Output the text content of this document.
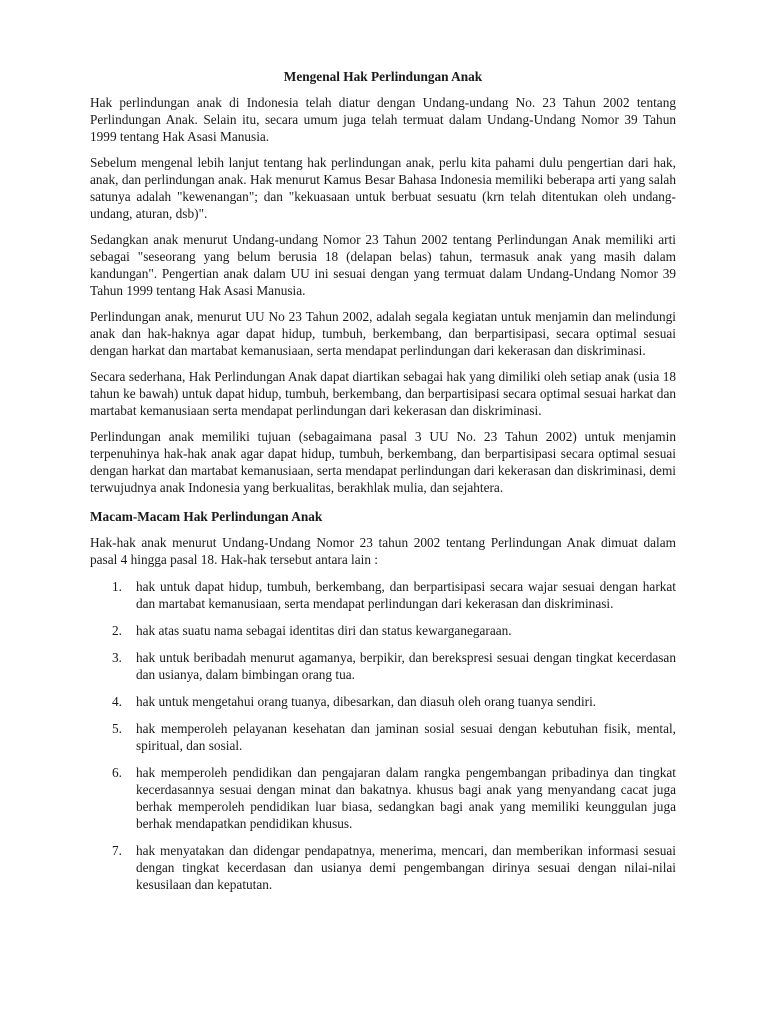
Mengenal Hak Perlindungan Anak

Hak perlindungan anak di Indonesia telah diatur dengan Undang-undang No. 23 Tahun 2002 tentang Perlindungan Anak. Selain itu, secara umum juga telah termuat dalam Undang-Undang Nomor 39 Tahun 1999 tentang Hak Asasi Manusia.

Sebelum mengenal lebih lanjut tentang hak perlindungan anak, perlu kita pahami dulu pengertian dari hak, anak, dan perlindungan anak. Hak menurut Kamus Besar Bahasa Indonesia memiliki beberapa arti yang salah satunya adalah "kewenangan"; dan "kekuasaan untuk berbuat sesuatu (krn telah ditentukan oleh undang-undang, aturan, dsb)".

Sedangkan anak menurut Undang-undang Nomor 23 Tahun 2002 tentang Perlindungan Anak memiliki arti sebagai "seseorang yang belum berusia 18 (delapan belas) tahun, termasuk anak yang masih dalam kandungan". Pengertian anak dalam UU ini sesuai dengan yang termuat dalam Undang-Undang Nomor 39 Tahun 1999 tentang Hak Asasi Manusia.

Perlindungan anak, menurut UU No 23 Tahun 2002, adalah segala kegiatan untuk menjamin dan melindungi anak dan hak-haknya agar dapat hidup, tumbuh, berkembang, dan berpartisipasi, secara optimal sesuai dengan harkat dan martabat kemanusiaan, serta mendapat perlindungan dari kekerasan dan diskriminasi.

Secara sederhana, Hak Perlindungan Anak dapat diartikan sebagai hak yang dimiliki oleh setiap anak (usia 18 tahun ke bawah) untuk dapat hidup, tumbuh, berkembang, dan berpartisipasi secara optimal sesuai harkat dan martabat kemanusiaan serta mendapat perlindungan dari kekerasan dan diskriminasi.

Perlindungan anak memiliki tujuan (sebagaimana pasal 3 UU No. 23 Tahun 2002) untuk menjamin terpenuhinya hak-hak anak agar dapat hidup, tumbuh, berkembang, dan berpartisipasi secara optimal sesuai dengan harkat dan martabat kemanusiaan, serta mendapat perlindungan dari kekerasan dan diskriminasi, demi terwujudnya anak Indonesia yang berkualitas, berakhlak mulia, dan sejahtera.

Macam-Macam Hak Perlindungan Anak

Hak-hak anak menurut Undang-Undang Nomor 23 tahun 2002 tentang Perlindungan Anak dimuat dalam pasal 4 hingga pasal 18. Hak-hak tersebut antara lain :

1. hak untuk dapat hidup, tumbuh, berkembang, dan berpartisipasi secara wajar sesuai dengan harkat dan martabat kemanusiaan, serta mendapat perlindungan dari kekerasan dan diskriminasi.
2. hak atas suatu nama sebagai identitas diri dan status kewarganegaraan.
3. hak untuk beribadah menurut agamanya, berpikir, dan berekspresi sesuai dengan tingkat kecerdasan dan usianya, dalam bimbingan orang tua.
4. hak untuk mengetahui orang tuanya, dibesarkan, dan diasuh oleh orang tuanya sendiri.
5. hak memperoleh pelayanan kesehatan dan jaminan sosial sesuai dengan kebutuhan fisik, mental, spiritual, dan sosial.
6. hak memperoleh pendidikan dan pengajaran dalam rangka pengembangan pribadinya dan tingkat kecerdasannya sesuai dengan minat dan bakatnya. khusus bagi anak yang menyandang cacat juga berhak memperoleh pendidikan luar biasa, sedangkan bagi anak yang memiliki keunggulan juga berhak mendapatkan pendidikan khusus.
7. hak menyatakan dan didengar pendapatnya, menerima, mencari, dan memberikan informasi sesuai dengan tingkat kecerdasan dan usianya demi pengembangan dirinya sesuai dengan nilai-nilai kesusilaan dan kepatutan.
